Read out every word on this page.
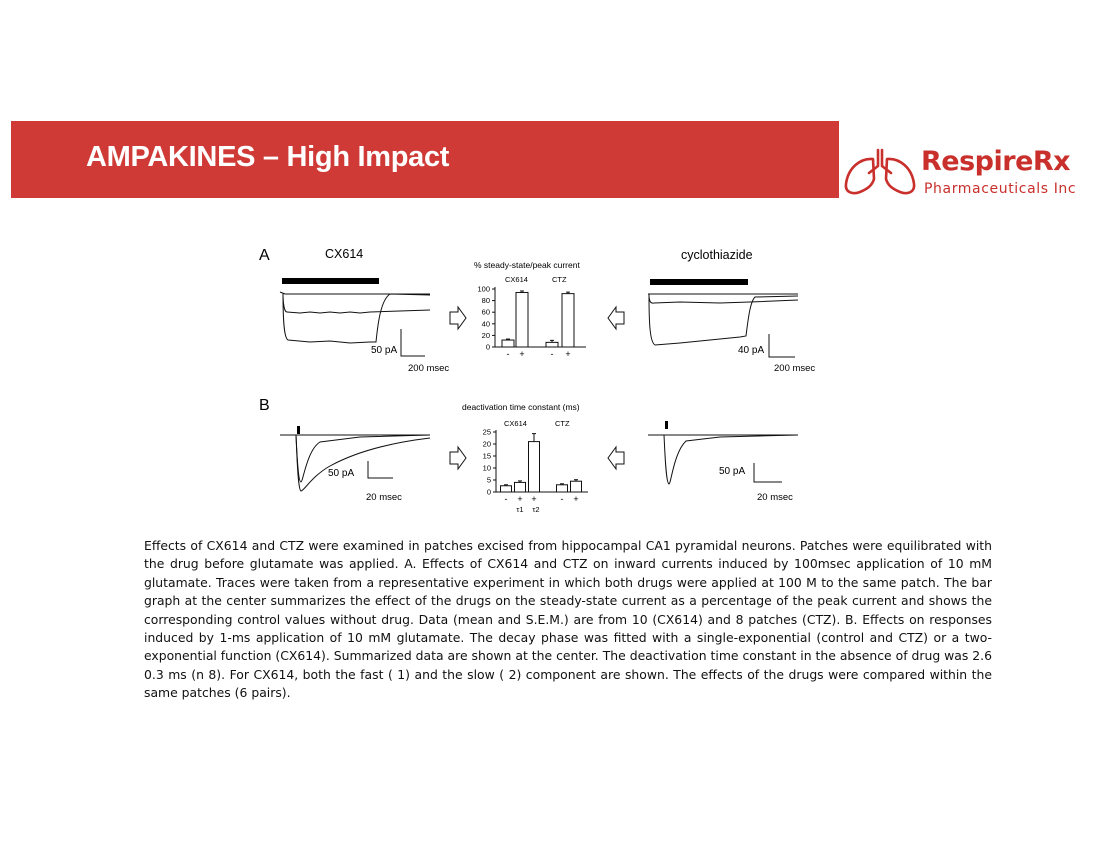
AMPAKINES – High Impact	RespireRx
Pharmaceuticals Inc
A	CX614
50 pA
200 msec
cyclothiazide
40 pA
200 msec
% steady-state/peak current
CX614	CTZ
100
80
60
40
20
0
- +	- +
B
50 pA
20 msec
50 pA
20 msec
deactivation time constant (ms)
CX614	CTZ
25
20
15
10
5
0
- + +	- +
τ1 τ2

Effects of CX614 and CTZ were examined in patches excised from hippocampal CA1 pyramidal neurons. Patches were equilibrated with the drug before glutamate was applied. A. Effects of CX614 and CTZ on inward currents induced by 100msec application of 10 mM glutamate. Traces were taken from a representative experiment in which both drugs were applied at 100 M to the same patch. The bar graph at the center summarizes the effect of the drugs on the steady-state current as a percentage of the peak current and shows the corresponding control values without drug. Data (mean and S.E.M.) are from 10 (CX614) and 8 patches (CTZ). B. Effects on responses induced by 1-ms application of 10 mM glutamate. The decay phase was fitted with a single-exponential (control and CTZ) or a two-exponential function (CX614). Summarized data are shown at the center. The deactivation time constant in the absence of drug was 2.6 0.3 ms (n 8). For CX614, both the fast ( 1) and the slow ( 2) component are shown. The effects of the drugs were compared within the same patches (6 pairs).
